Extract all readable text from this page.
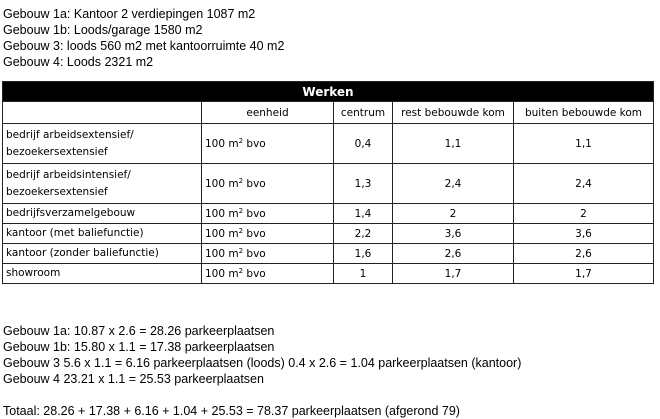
Gebouw 1a: Kantoor 2 verdiepingen 1087 m2
Gebouw 1b: Loods/garage 1580 m2
Gebouw 3: loods 560 m2 met kantoorruimte 40 m2
Gebouw 4: Loods 2321 m2
Werken				
	eenheid	centrum	rest bebouwde kom	buiten bebouwde kom

bedrijf arbeidsextensief/
bezoekersextensief	100 $m^2$ bvo	0,4	1,1	1,1

bedrijf arbeidsintensief/
bezoekersextensief	100 $m^2$ bvo	1,3	2,4	2,4
bedrijfsverzamelgebouw	100 $m^2$ bvo	1,4	2	2
kantoor (met baliefunctie)	100 $m^2$ bvo	2,2	3,6	3,6
kantoor (zonder baliefunctie)	100 $m^2$ bvo	1,6	2,6	2,6
showroom	100 $m^2$ bvo	1	1,7	1,7
Gebouw 1a: 10.87 x 2.6 = 28.26 parkeerplaatsen
Gebouw 1b: 15.80 x 1.1 = 17.38 parkeerplaatsen
Gebouw 3 5.6 x 1.1 = 6.16 parkeerplaatsen (loods) 0.4 x 2.6 = 1.04 parkeerplaatsen (kantoor)
Gebouw 4 23.21 x 1.1 = 25.53 parkeerplaatsen
Totaal: 28.26 + 17.38 + 6.16 + 1.04 + 25.53 = 78.37 parkeerplaatsen (afgerond 79)
